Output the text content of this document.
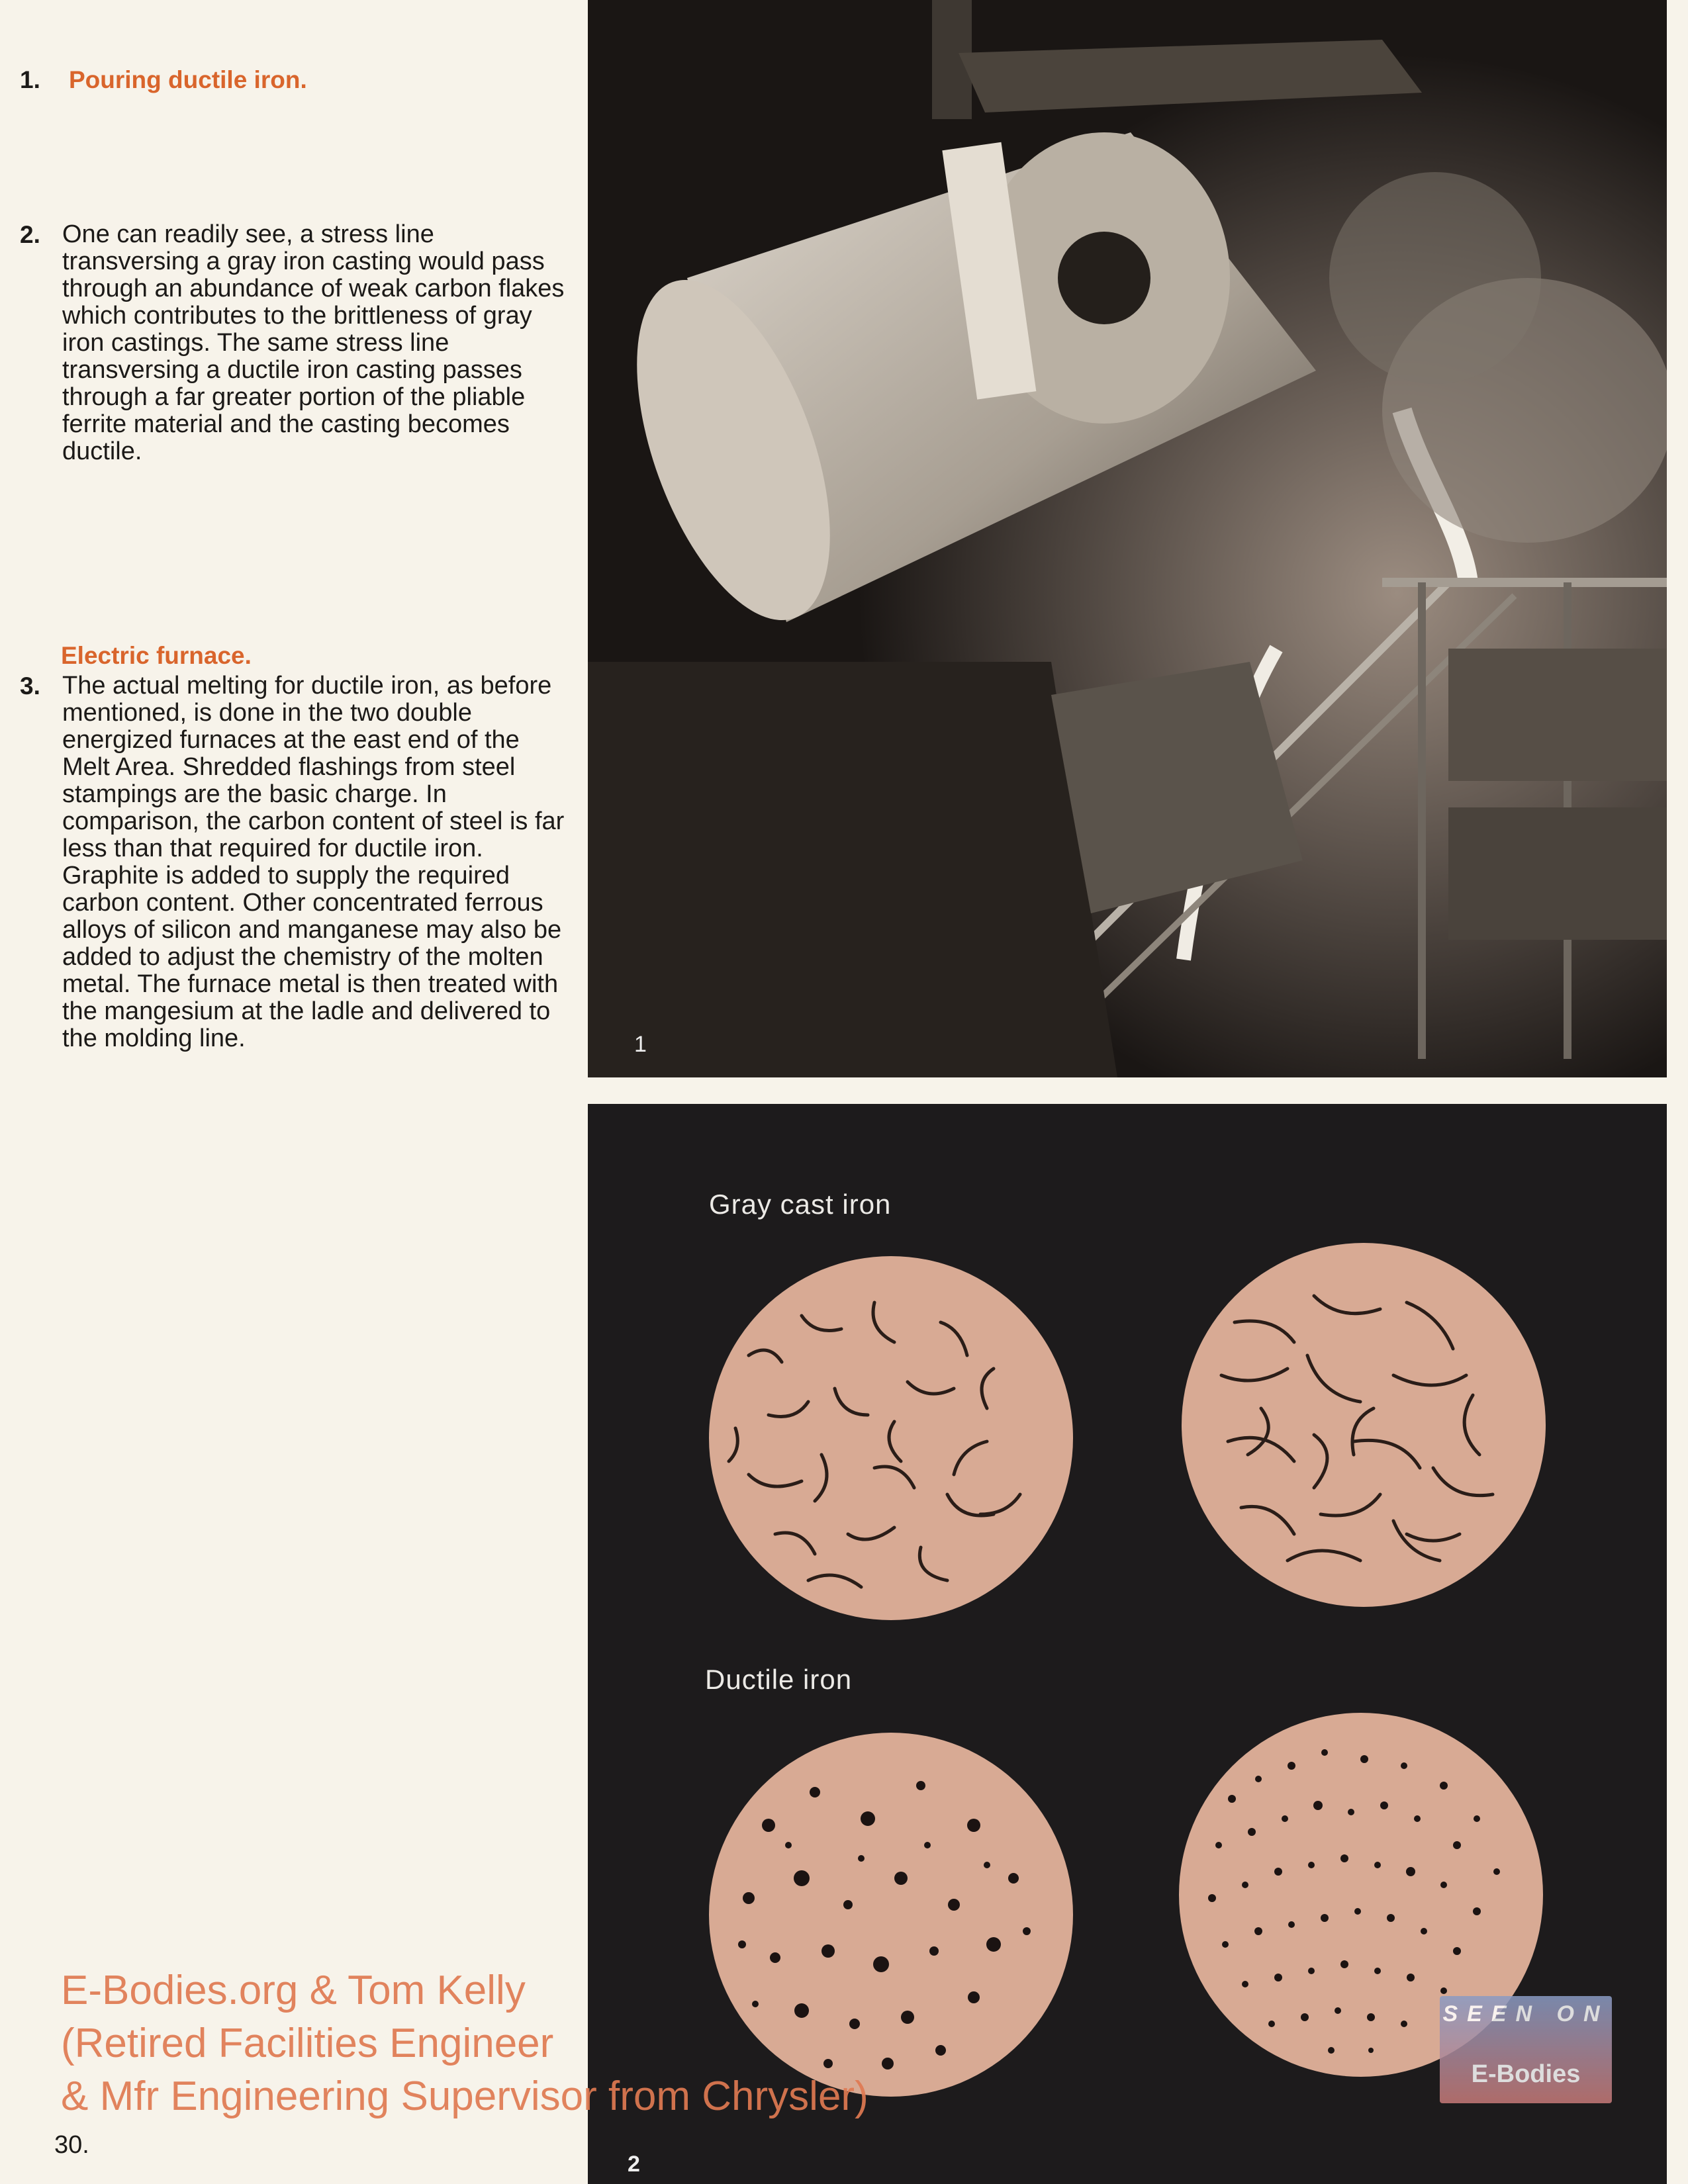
1. Pouring ductile iron.
2. One can readily see, a stress line transversing a gray iron casting would pass through an abundance of weak carbon flakes which contributes to the brittleness of gray iron castings. The same stress line transversing a ductile iron casting passes through a far greater portion of the pliable ferrite material and the casting becomes ductile.
Electric furnace.
3. The actual melting for ductile iron, as before mentioned, is done in the two double energized furnaces at the east end of the Melt Area. Shredded flashings from steel stampings are the basic charge. In comparison, the carbon content of steel is far less than that required for ductile iron. Graphite is added to supply the required carbon content. Other concentrated ferrous alloys of silicon and manganese may also be added to adjust the chemistry of the molten metal. The furnace metal is then treated with the mangesium at the ladle and delivered to the molding line.	1
Gray cast iron
Ductile iron
2
E-Bodies.org & Tom Kelly
(Retired Facilities Engineer
& Mfr Engineering Supervisor from Chrysler)
SEEN ON
E-Bodies
30.
